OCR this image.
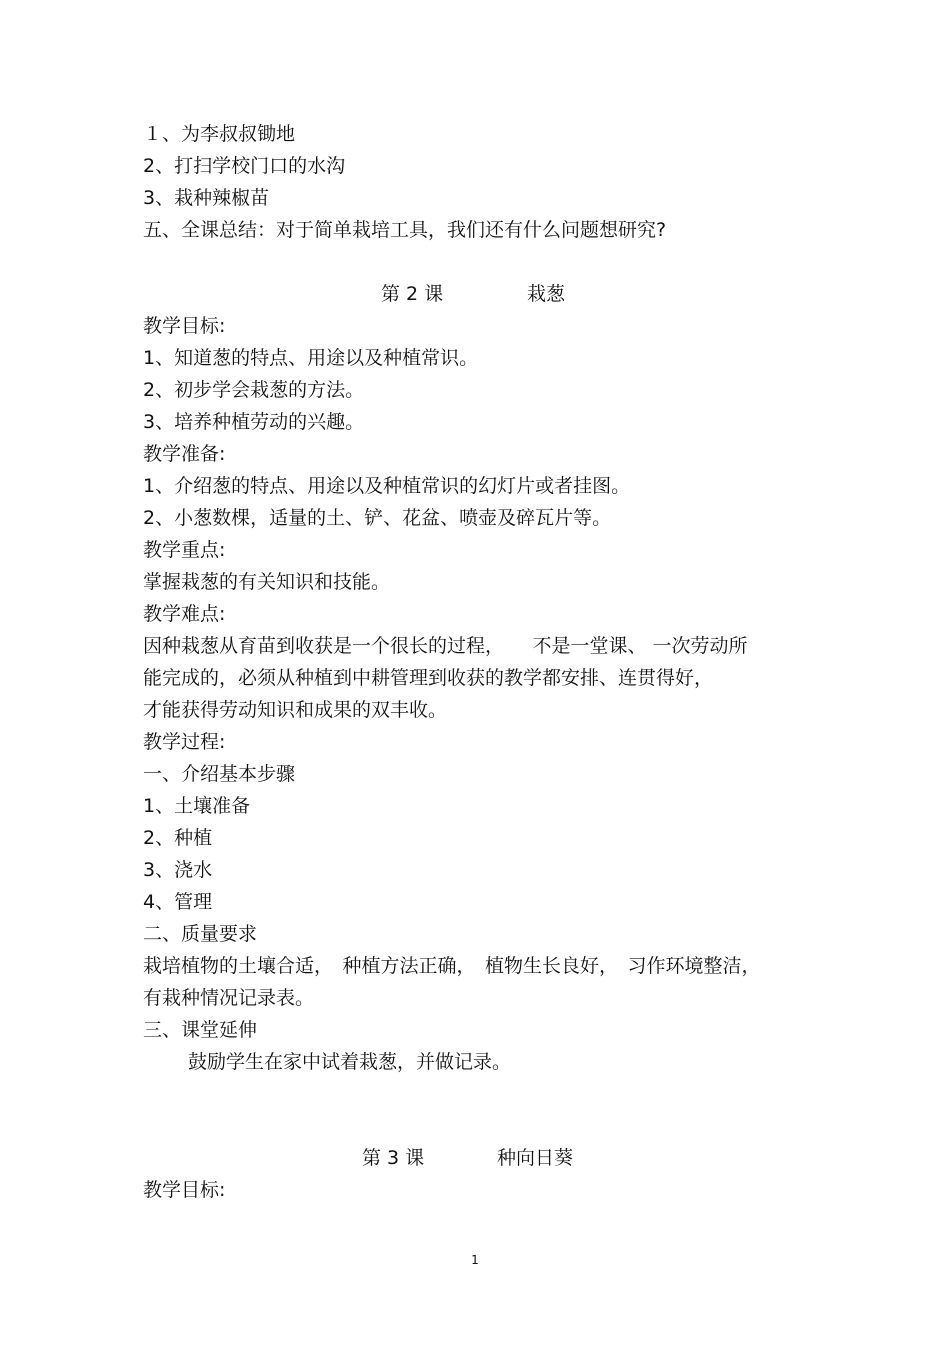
１、为李叔叔锄地
2、打扫学校门口的水沟
3、栽种辣椒苗
五、全课总结：对于简单栽培工具，我们还有什么问题想研究?
第 2 课	栽葱
教学目标:
1、知道葱的特点、用途以及种植常识。
2、初步学会栽葱的方法。
3、培养种植劳动的兴趣。
教学准备:
1、介绍葱的特点、用途以及种植常识的幻灯片或者挂图。
2、小葱数棵，适量的土、铲、花盆、喷壶及碎瓦片等。
教学重点:
掌握栽葱的有关知识和技能。
教学难点:
因种栽葱从育苗到收获是一个很长的过程，　　不是一堂课、 一次劳动所
能完成的，必须从种植到中耕管理到收获的教学都安排、连贯得好，
才能获得劳动知识和成果的双丰收。
教学过程:
一、介绍基本步骤
1、土壤准备
2、种植
3、浇水
4、管理
二、质量要求
栽培植物的土壤合适，　种植方法正确，　植物生长良好，　习作环境整洁，
有栽种情况记录表。
三、课堂延伸
鼓励学生在家中试着栽葱，并做记录。
第 3 课	种向日葵
教学目标:
1
